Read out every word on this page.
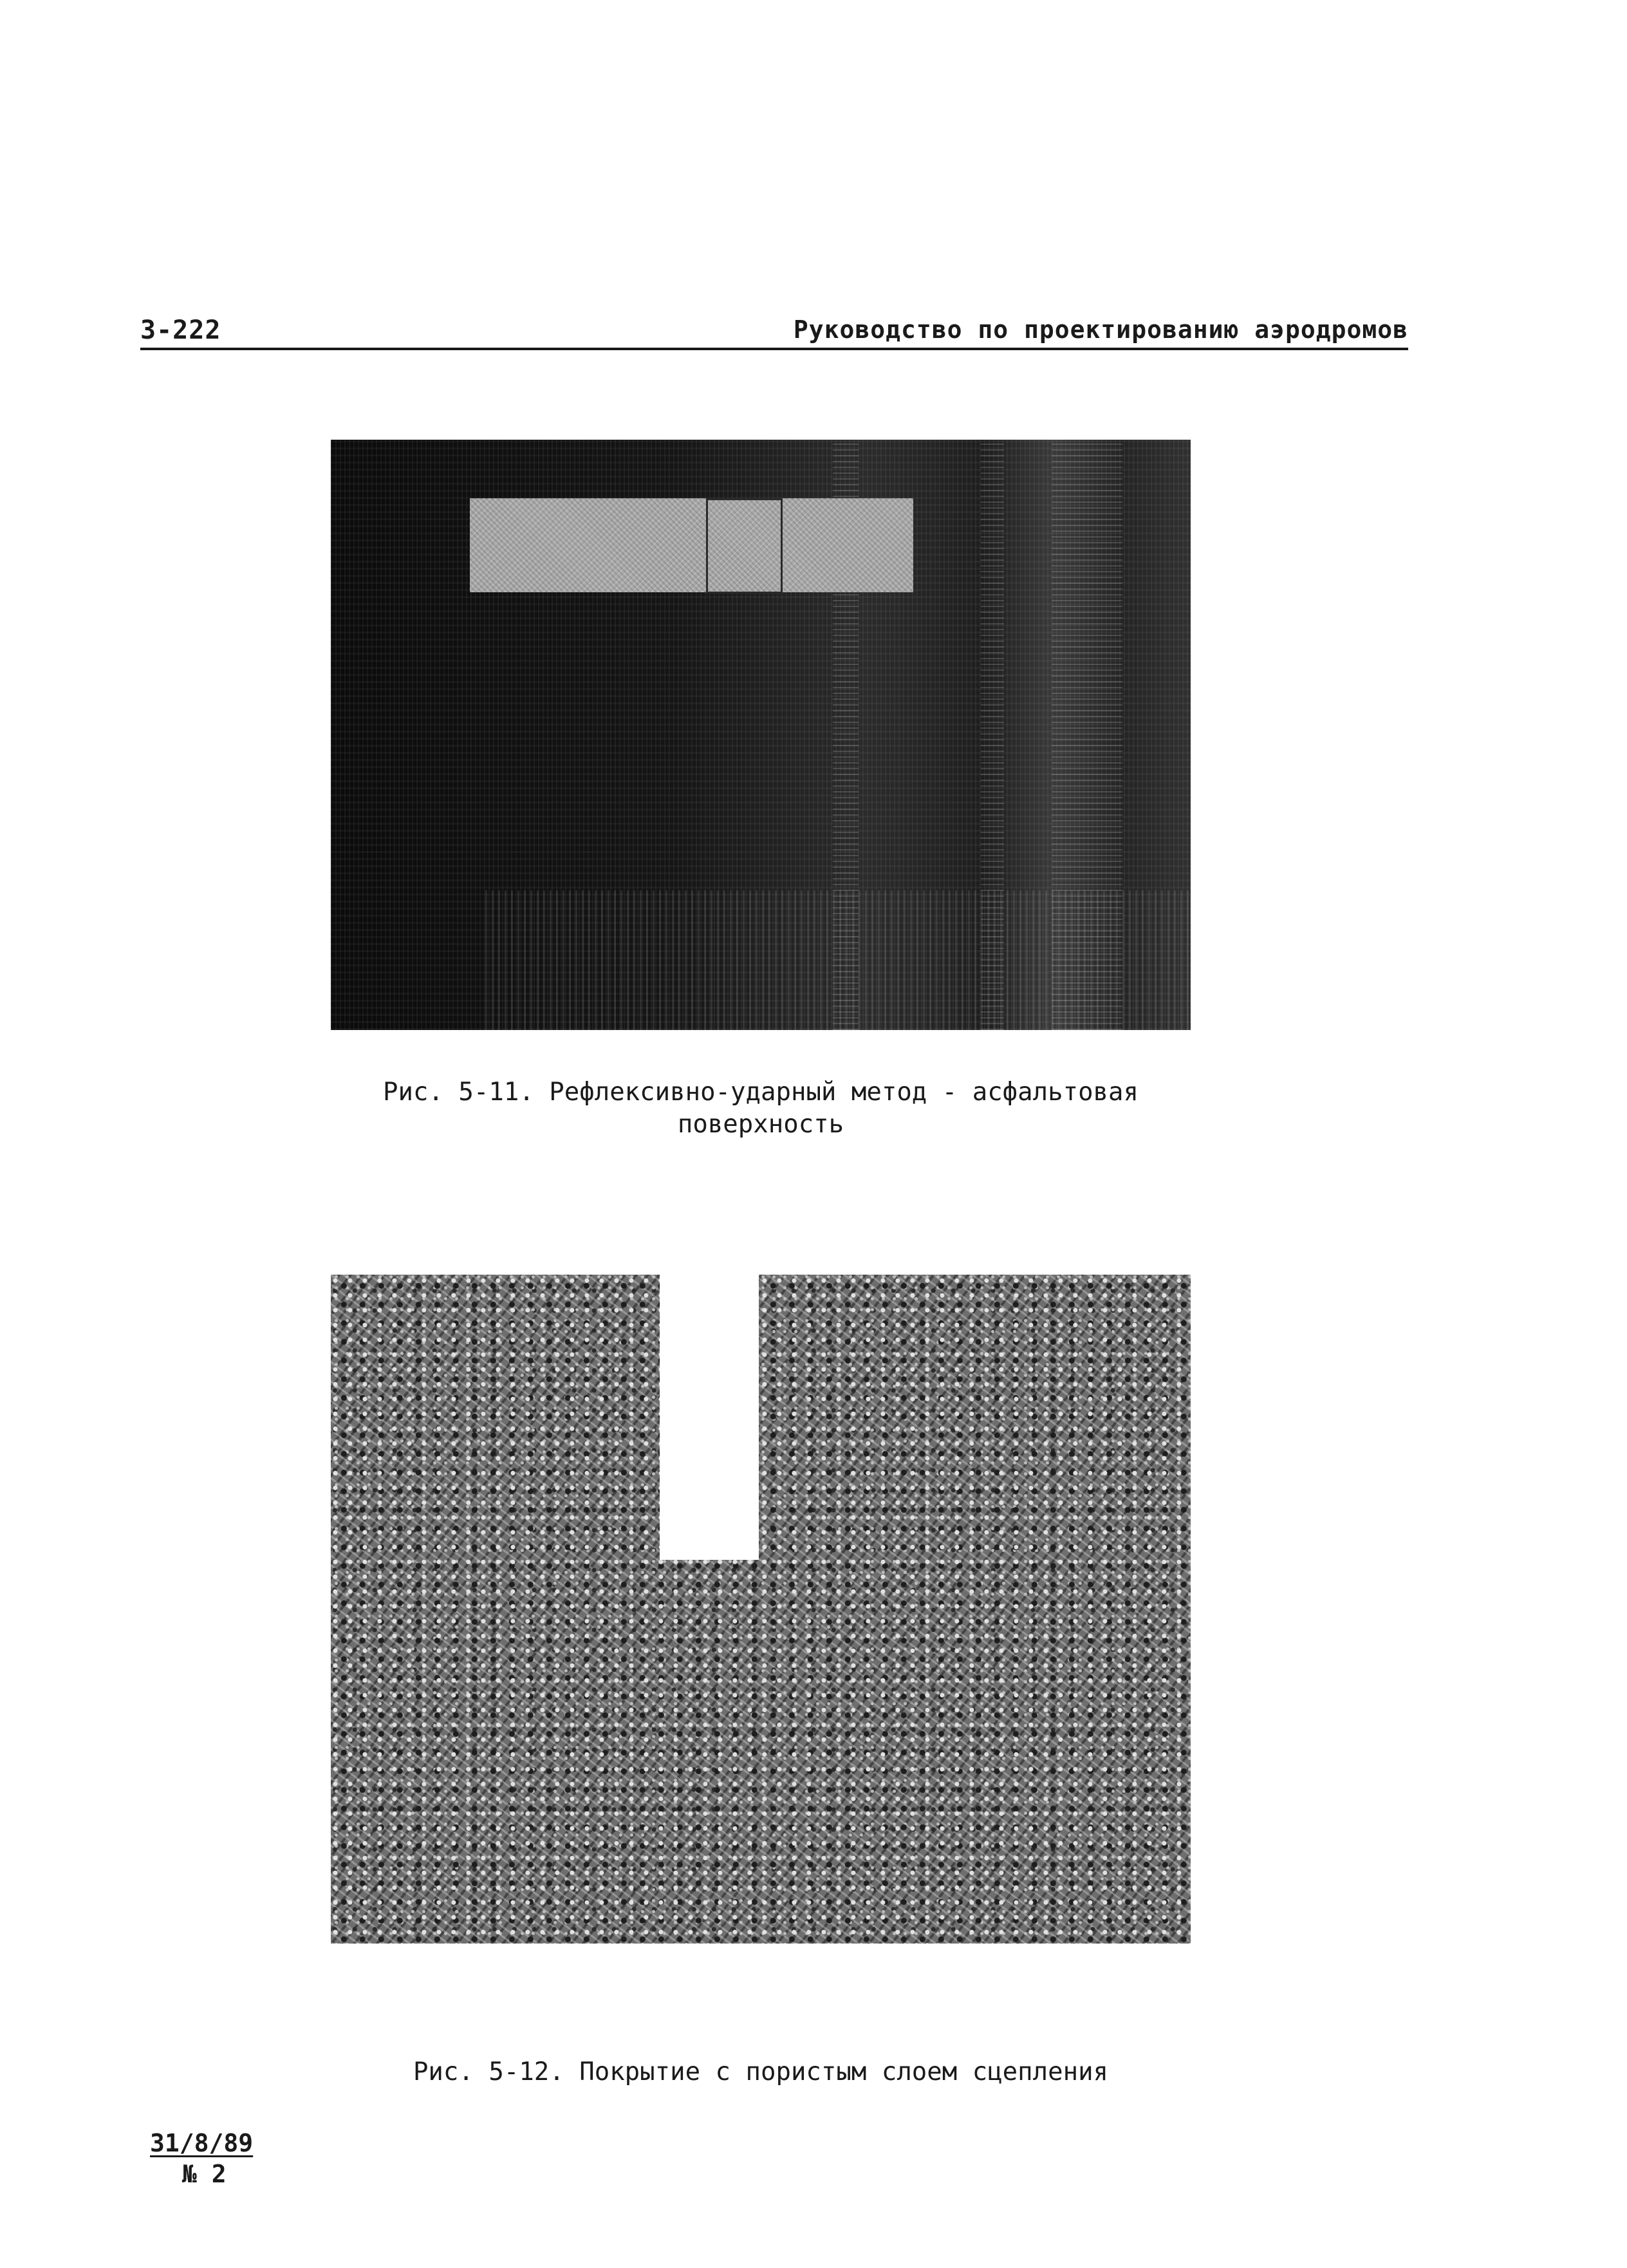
3-222	Руководство по проектированию аэродромов
Рис. 5-11. Рефлексивно-ударный метод - асфальтовая
поверхность
Рис. 5-12. Покрытие с пористым слоем сцепления
31/8/89
№ 2
